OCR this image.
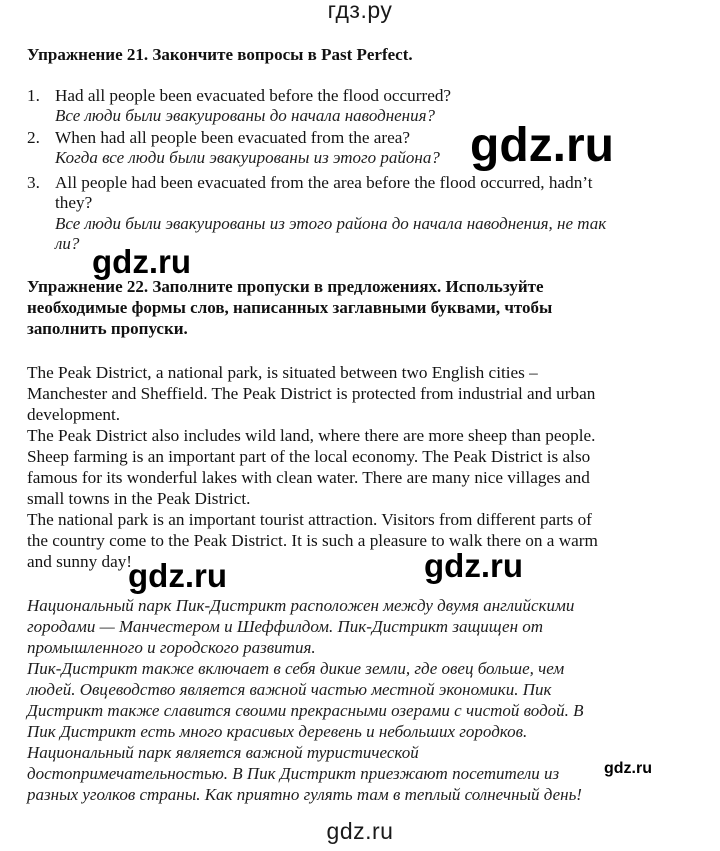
гдз.ру
Упражнение 21. Закончите вопросы в Past Perfect.
1. Had all people been evacuated before the flood occurred?
Все люди были эвакуированы до начала наводнения?
2. When had all people been evacuated from the area?
Когда все люди были эвакуированы из этого района?
3. All people had been evacuated from the area before the flood occurred, hadn’t
they?
Все люди были эвакуированы из этого района до начала наводнения, не так
ли?
Упражнение 22. Заполните пропуски в предложениях. Используйте
необходимые формы слов, написанных заглавными буквами, чтобы
заполнить пропуски.
The Peak District, a national park, is situated between two English cities –
Manchester and Sheffield. The Peak District is protected from industrial and urban
development.
The Peak District also includes wild land, where there are more sheep than people.
Sheep farming is an important part of the local economy. The Peak District is also
famous for its wonderful lakes with clean water. There are many nice villages and
small towns in the Peak District.
The national park is an important tourist attraction. Visitors from different parts of
the country come to the Peak District. It is such a pleasure to walk there on a warm
and sunny day!
Национальный парк Пик-Дистрикт расположен между двумя английскими
городами — Манчестером и Шеффилдом. Пик-Дистрикт защищен от
промышленного и городского развития.
Пик-Дистрикт также включает в себя дикие земли, где овец больше, чем
людей. Овцеводство является важной частью местной экономики. Пик
Дистрикт также славится своими прекрасными озерами с чистой водой. В
Пик Дистрикт есть много красивых деревень и небольших городков.
Национальный парк является важной туристической
достопримечательностью. В Пик Дистрикт приезжают посетители из
разных уголков страны. Как приятно гулять там в теплый солнечный день!
gdz.ru
gdz.ru
gdz.ru	gdz.ru
gdz.ru
gdz.ru
